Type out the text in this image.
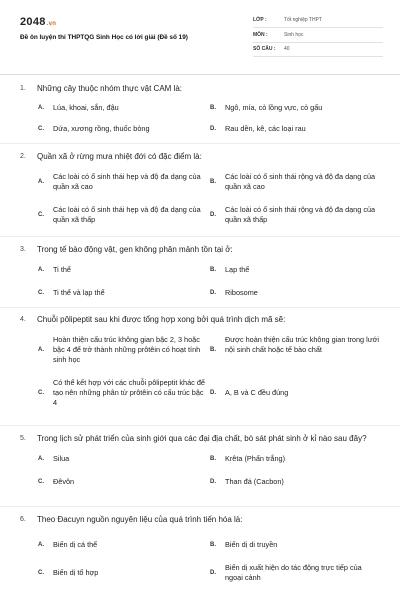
2048.vn
Đề ôn luyện thi THPTQG Sinh Học có lời giải (Đề số 19)
LỚP :	Tốt nghiệp THPT
MÔN :	Sinh học
SỐ CÂU : 40
1. Những cây thuộc nhóm thực vật CAM là:
A.	Lúa, khoai, sắn, đậu	B.	Ngô, mía, cỏ lồng vực, cỏ gấu
C.	Dứa, xương rồng, thuốc bỏng	D.	Rau dền, kê, các loại rau
2. Quần xã ở rừng mưa nhiệt đới có đặc điểm là:
A.
Các loài có ổ sinh thái hẹp và độ đa dạng của quần xã cao	B.
Các loài có ổ sinh thái rộng và độ đa dạng của quần xã cao
C.
Các loài có ổ sinh thái hẹp và độ đa dạng của quần xã thấp	D.
Các loài có ổ sinh thái rộng và độ đa dạng của quần xã thấp
3. Trong tế bào động vật, gen không phân mảnh tồn tại ở:
A.	Ti thể	B.	Lạp thể
C.	Ti thể và lạp thể	D.	Ribosome
4. Chuỗi pôlipeptit sau khi được tổng hợp xong bởi quá trình dịch mã sẽ:
A.
Hoàn thiện cấu trúc không gian bậc 2, 3 hoặc bậc 4 để trở thành những prôtêin có hoạt tính sinh học
B.
Được hoàn thiện cấu trúc không gian trong lưới nội sinh chất hoặc tế bào chất
C.
Có thể kết hợp với các chuỗi pôlipeptit khác để tạo nên những phân tử prôtêin có cấu trúc bậc 4
D.	A, B và C đều đúng
5. Trong lịch sử phát triển của sinh giới qua các đại địa chất, bò sát phát sinh ở kỉ nào sau đây?
A.	Silua	B.	Krêta (Phấn trắng)
C.	Đêvôn	D.	Than đá (Cacbon)
6. Theo Đacuyn nguồn nguyên liệu của quá trình tiến hóa là:
A.	Biến dị cá thể	B.	Biến dị di truyền
C.	Biến dị tổ hợp	D.
Biến dị xuất hiện do tác động trực tiếp của ngoại cảnh
